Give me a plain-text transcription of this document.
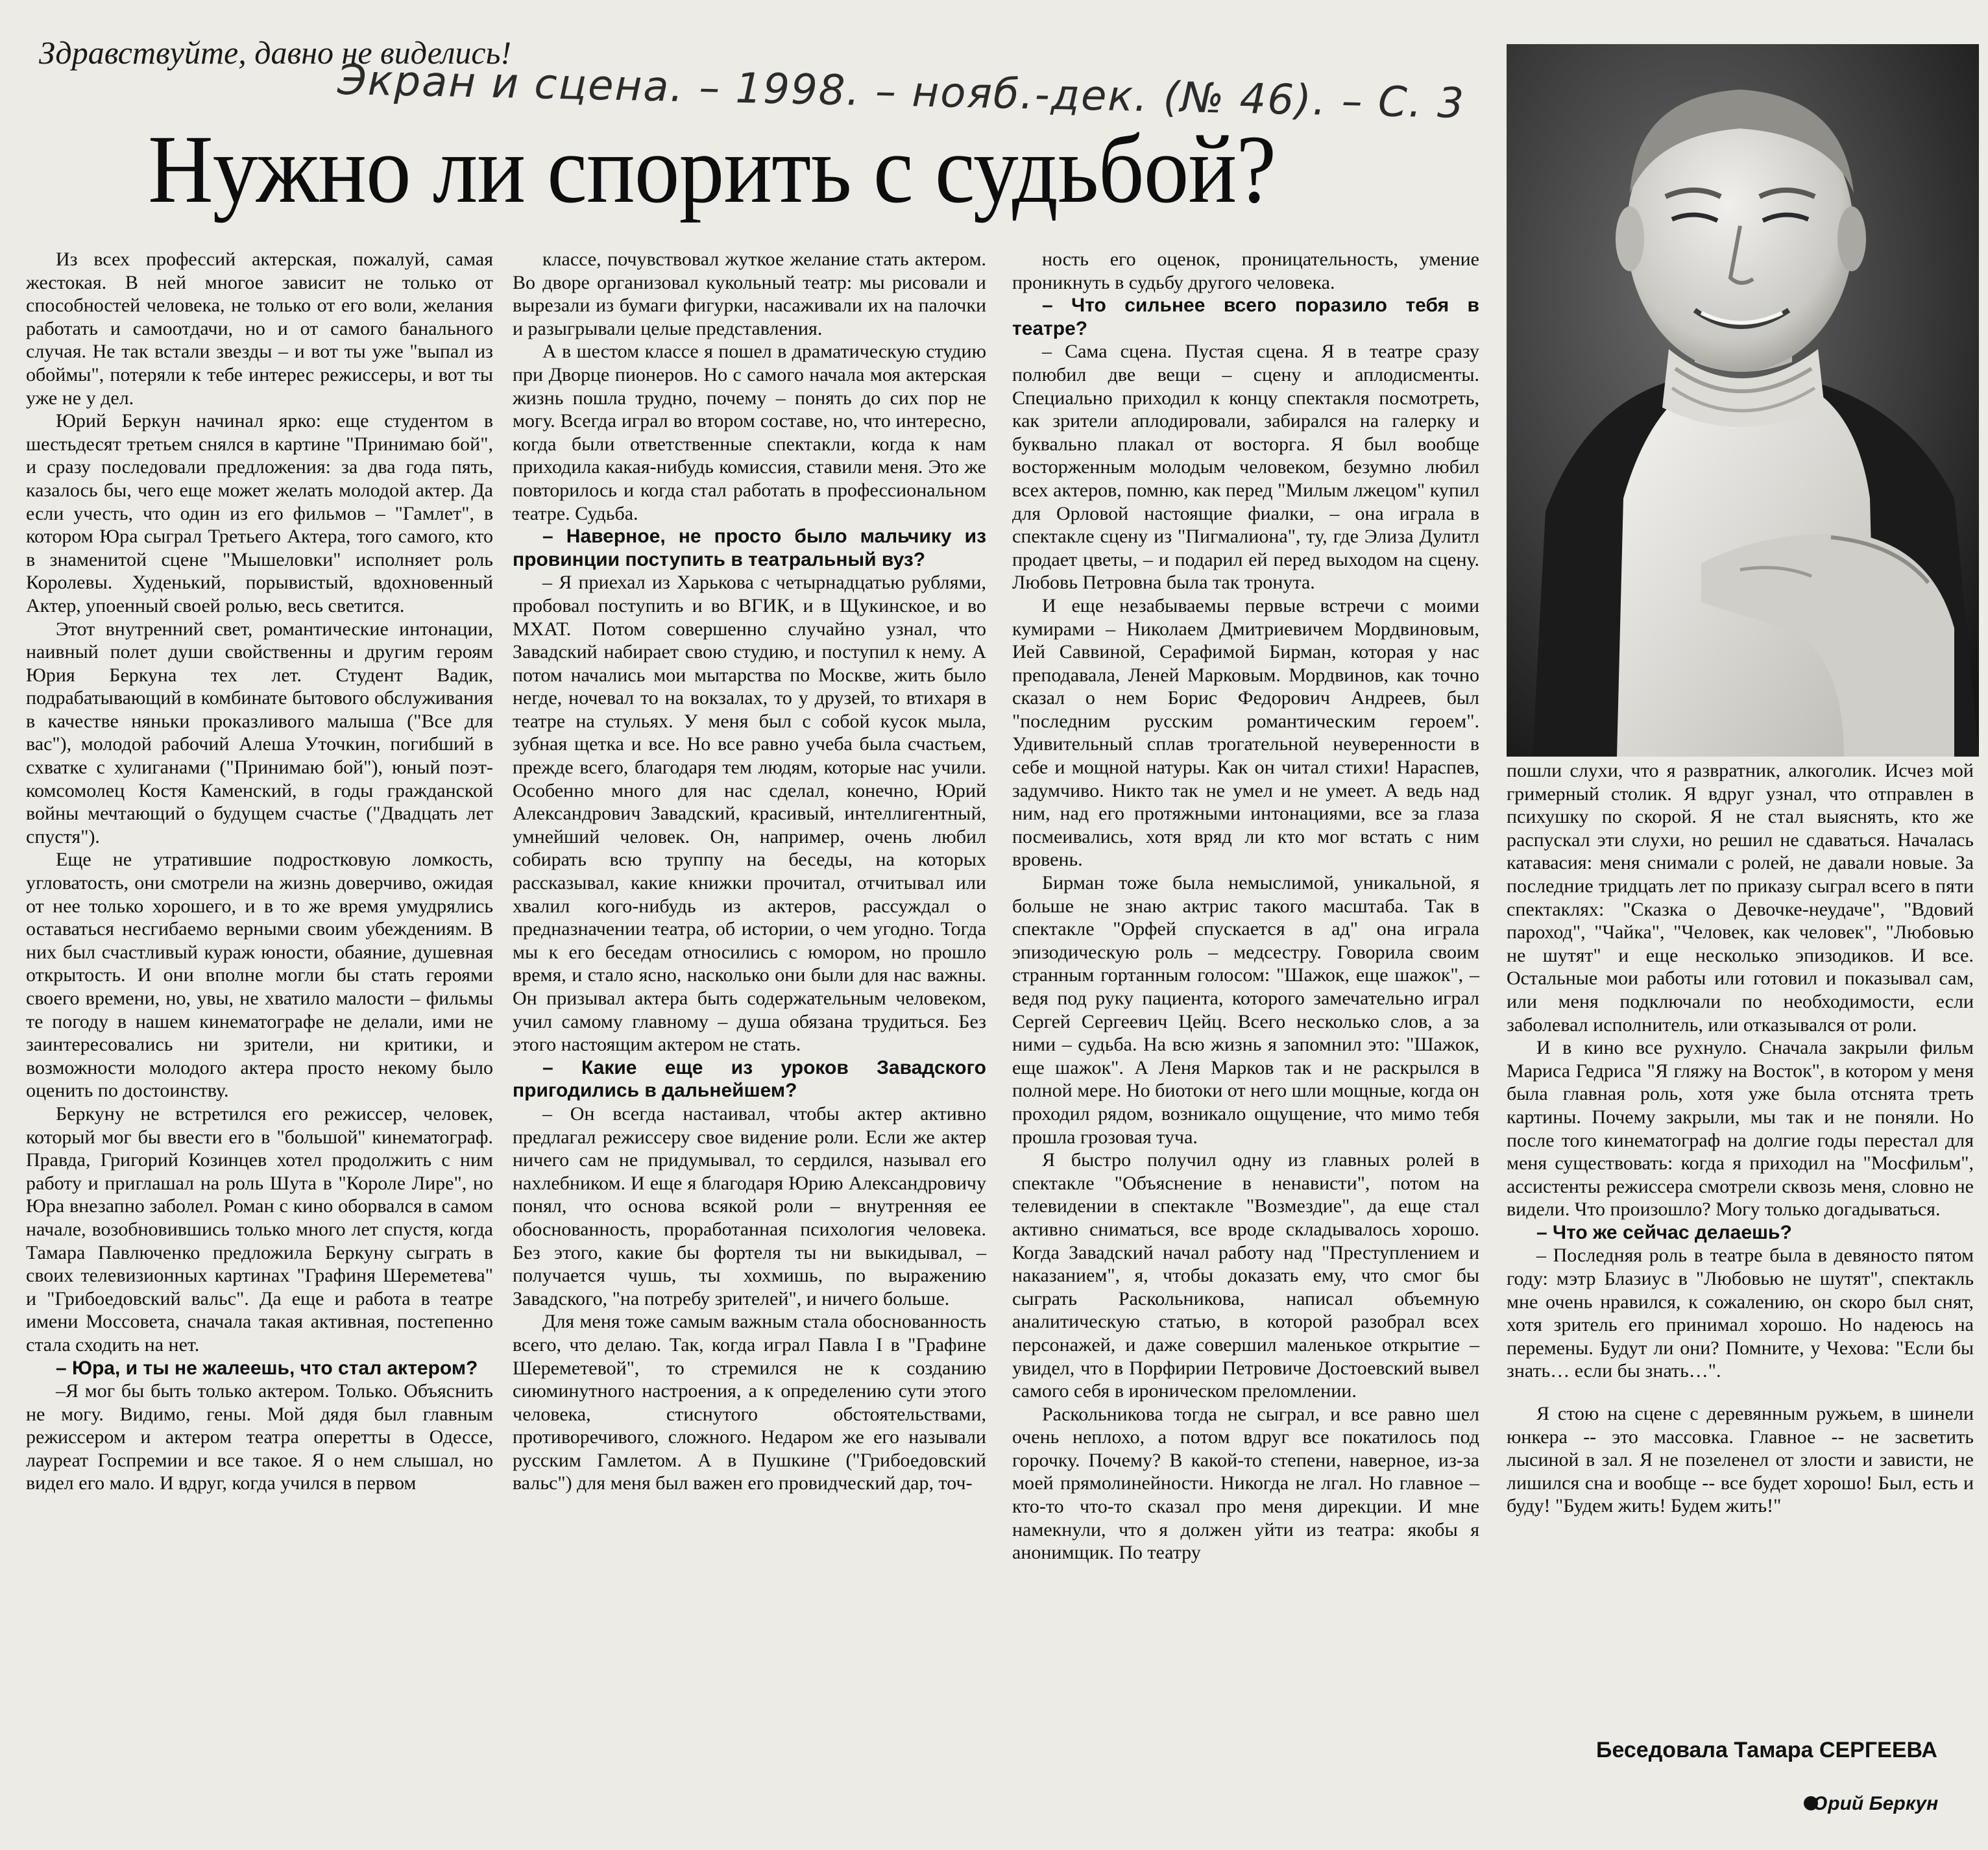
Здравствуйте, давно не виделись!
Экран и сцена. – 1998. – нояб.-дек. (№ 46). – С. 3
Нужно ли спорить с судьбой?

Из всех профессий актерская, пожалуй, самая жестокая. В ней многое зависит не только от способностей человека, не только от его воли, желания работать и самоотдачи, но и от самого банального случая. Не так встали звезды – и вот ты уже "выпал из обоймы", потеряли к тебе интерес режиссеры, и вот ты уже не у дел.

Юрий Беркун начинал ярко: еще студентом в шестьдесят третьем снялся в картине "Принимаю бой", и сразу последовали предложения: за два года пять, казалось бы, чего еще может желать молодой актер. Да если учесть, что один из его фильмов – "Гамлет", в котором Юра сыграл Третьего Актера, того самого, кто в знаменитой сцене "Мышеловки" исполняет роль Королевы. Худенький, порывистый, вдохновенный Актер, упоенный своей ролью, весь светится.

Этот внутренний свет, романтические интонации, наивный полет души свойственны и другим героям Юрия Беркуна тех лет. Студент Вадик, подрабатывающий в комбинате бытового обслуживания в качестве няньки прокaзливого малыша ("Все для вас"), молодой рабочий Алеша Уточкин, погибший в схватке с хулиганами ("Принимаю бой"), юный поэт-комсомолец Костя Каменский, в годы гражданской войны мечтающий о будущем счастье ("Двадцать лет спустя").

Еще не утратившие подростковую ломкость, угловатость, они смотрели на жизнь доверчиво, ожидая от нее только хорошего, и в то же время умудрялись оставаться несгибаемо верными своим убеждениям. В них был счастливый кураж юности, обаяние, душевная открытость. И они вполне могли бы стать героями своего времени, но, увы, не хватило малости – фильмы те погоду в нашем кинематографе не делали, ими не заинтересовались ни зрители, ни критики, и возможности молодого актера просто некому было оценить по достоинству.

Беркуну не встретился его режиссер, человек, который мог бы ввести его в "большой" кинематограф. Правда, Григорий Козинцев хотел продолжить с ним работу и приглашал на роль Шута в "Короле Лире", но Юра внезапно заболел. Роман с кино оборвался в самом начале, возобновившись только много лет спустя, когда Тамара Павлюченко предложила Беркуну сыграть в своих телевизионных картинах "Графиня Шереметева" и "Грибоедовский вальс". Да еще и работа в театре имени Моссовета, сначала такая активная, постепенно стала сходить на нет.

– Юра, и ты не жалеешь, что стал актером?

–Я мог бы быть только актером. Только. Объяснить не могу. Видимо, гены. Мой дядя был главным режиссером и актером театра оперетты в Одессе, лауреат Госпремии и все такое. Я о нем слышал, но видел его мало. И вдруг, когда учился в первом

классе, почувствовал жуткое желание стать актером. Во дворе организовал кукольный театр: мы рисовали и вырезали из бумаги фигурки, насаживали их на палочки и разыгрывали целые представления.

А в шестом классе я пошел в драматическую студию при Дворце пионеров. Но с самого начала моя актерская жизнь пошла трудно, почему – понять до сих пор не могу. Всегда играл во втором составе, но, что интересно, когда были ответственные спектакли, когда к нам приходила какая-нибудь комиссия, ставили меня. Это же повторилось и когда стал работать в профессиональном театре. Судьба.

– Наверное, не просто было мальчику из провинции поступить в театральный вуз?

– Я приехал из Харькова с четырнадцатью рублями, пробовал поступить и во ВГИК, и в Щукинское, и во МХАТ. Потом совершенно случайно узнал, что Завадский набирает свою студию, и поступил к нему. А потом начались мои мытарства по Москве, жить было негде, ночевал то на вокзалах, то у друзей, то втихаря в театре на стульях. У меня был с собой кусок мыла, зубная щетка и все. Но все равно учеба была счастьем, прежде всего, благодаря тем людям, которые нас учили. Особенно много для нас сделал, конечно, Юрий Александрович Завадский, красивый, интеллигентный, умнейший человек. Он, например, очень любил собирать всю труппу на беседы, на которых рассказывал, какие книжки прочитал, отчитывал или хвалил кого-нибудь из актеров, рассуждал о предназначении театра, об истории, о чем угодно. Тогда мы к его беседам относились с юмором, но прошло время, и стало ясно, насколько они были для нас важны. Он призывал актера быть содержательным человеком, учил самому главному – душа обязана трудиться. Без этого настоящим актером не стать.

– Какие еще из уроков Завадского пригодились в дальнейшем?

– Он всегда настаивал, чтобы актер активно предлагал режиссеру свое видение роли. Если же актер ничего сам не придумывал, то сердился, называл его нахлебником. И еще я благодаря Юрию Александровичу понял, что основа всякой роли – внутренняя ее обоснованность, проработанная психология человека. Без этого, какие бы фортеля ты ни выкидывал, – получается чушь, ты хохмишь, по выражению Завадского, "на потребу зрителей", и ничего больше.

Для меня тоже самым важным стала обоснованность всего, что делаю. Так, когда играл Павла I в "Графине Шереметевой", то стремился не к созданию сиюминутного настроения, а к определению сути этого человека, стиснутого обстоятельствами, противоречивого, сложного. Недаром же его называли русским Гамлетом. А в Пушкине ("Грибоедовский вальс") для меня был важен его провидческий дар, точ-

ность его оценок, проницательность, умение проникнуть в судьбу другого человека.

– Что сильнее всего поразило тебя в театре?

– Сама сцена. Пустая сцена. Я в театре сразу полюбил две вещи – сцену и аплодисменты. Специально приходил к концу спектакля посмотреть, как зрители аплодировали, забирался на галерку и буквально плакал от восторга. Я был вообще восторженным молодым человеком, безумно любил всех актеров, помню, как перед "Милым лжецом" купил для Орловой настоящие фиалки, – она играла в спектакле сцену из "Пигмалиона", ту, где Элиза Дулитл продает цветы, – и подарил ей перед выходом на сцену. Любовь Петровна была так тронута.

И еще незабываемы первые встречи с моими кумирами – Николаем Дмитриевичем Мордвиновым, Ией Саввиной, Серафимой Бирман, которая у нас преподавала, Леней Марковым. Мордвинов, как точно сказал о нем Борис Федорович Андреев, был "последним русским романтическим героем". Удивительный сплав трогательной неуверенности в себе и мощной натуры. Как он читал стихи! Нараспев, задумчиво. Никто так не умел и не умеет. А ведь над ним, над его протяжными интонациями, все за глаза посмеивались, хотя вряд ли кто мог встать с ним вровень.

Бирман тоже была немыслимой, уникальной, я больше не знаю актрис такого масштаба. Так в спектакле "Орфей спускается в ад" она играла эпизодическую роль – медсестру. Говорила своим странным гортанным голосом: "Шажок, еще шажок", – ведя под руку пациента, которого замечательно играл Сергей Сергеевич Цейц. Всего несколько слов, а за ними – судьба. На всю жизнь я запомнил это: "Шажок, еще шажок". А Леня Марков так и не раскрылся в полной мере. Но биотоки от него шли мощные, когда он проходил рядом, возникало ощущение, что мимо тебя прошла грозовая туча.

Я быстро получил одну из главных ролей в спектакле "Объяснение в ненависти", потом на телевидении в спектакле "Возмездие", да еще стал активно сниматься, все вроде складывалось хорошо. Когда Завадский начал работу над "Преступлением и наказанием", я, чтобы доказать ему, что смог бы сыграть Раскольникова, написал объемную аналитическую статью, в которой разобрал всех персонажей, и даже совершил маленькое открытие – увидел, что в Порфирии Петровиче Достоевский вывел самого себя в ироническом преломлении.

Раскольникова тогда не сыграл, и все равно шел очень неплохо, а потом вдруг все покатилось под горочку. Почему? В какой-то степени, наверное, из-за моей прямолинейности. Никогда не лгал. Но главное – кто-то что-то сказал про меня дирекции. И мне намекнули, что я должен уйти из театра: якобы я анонимщик. По театру

пошли слухи, что я развратник, алкоголик. Исчез мой гримерный столик. Я вдруг узнал, что отправлен в психушку по скорой. Я не стал выяснять, кто же распускал эти слухи, но решил не сдаваться. Началась катавасия: меня снимали с ролей, не давали новые. За последние тридцать лет по приказу сыграл всего в пяти спектаклях: "Сказка о Девочке-неудаче", "Вдовий пароход", "Чайка", "Человек, как человек", "Любовью не шутят" и еще несколько эпизодиков. И все. Остальные мои работы или готовил и показывал сам, или меня подключали по необходимости, если заболевал исполнитель, или отказывался от роли.

И в кино все рухнуло. Сначала закрыли фильм Мариса Гедриса "Я гляжу на Восток", в котором у меня была главная роль, хотя уже была отснята треть картины. Почему закрыли, мы так и не поняли. Но после того кинематограф на долгие годы перестал для меня существовать: когда я приходил на "Мосфильм", ассистенты режиссера смотрели сквозь меня, словно не видели. Что произошло? Могу только догадываться.

– Что же сейчас делаешь?

– Последняя роль в театре была в девяносто пятом году: мэтр Блазиус в "Любовью не шутят", спектакль мне очень нравился, к сожалению, он скоро был снят, хотя зритель его принимал хорошо. Но надеюсь на перемены. Будут ли они? Помните, у Чехова: "Если бы знать… если бы знать…".

Я стою на сцене с деревянным ружьем, в шинели юнкера -- это массовка. Главное -- не засветить лысиной в зал. Я не позеленел от злости и зависти, не лишился сна и вообще -- все будет хорошо! Был, есть и буду! "Будем жить! Будем жить!"

Беседовала Тамара СЕРГЕЕВА
Юрий Беркун
